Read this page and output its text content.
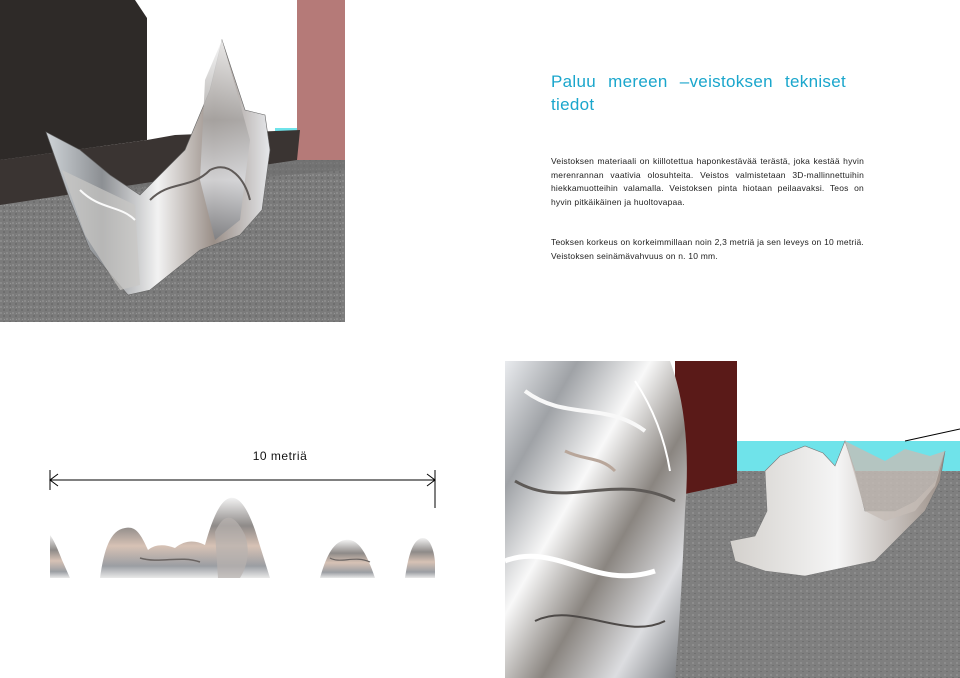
Paluu mereen –veistoksen tekniset tiedot

Veistoksen materiaali on kiillotettua haponkestävää terästä, joka kestää hyvin merenrannan vaativia olosuhteita. Veistos valmistetaan 3D-mallinnettuihin hiekkamuotteihin valamalla. Veistoksen pinta hiotaan peilaavaksi. Teos on hyvin pitkäikäinen ja huoltovapaa.

Teoksen korkeus on korkeimmillaan noin 2,3 metriä ja sen leveys on 10 metriä. Veistoksen seinämävahvuus on n. 10 mm.

10 metriä
